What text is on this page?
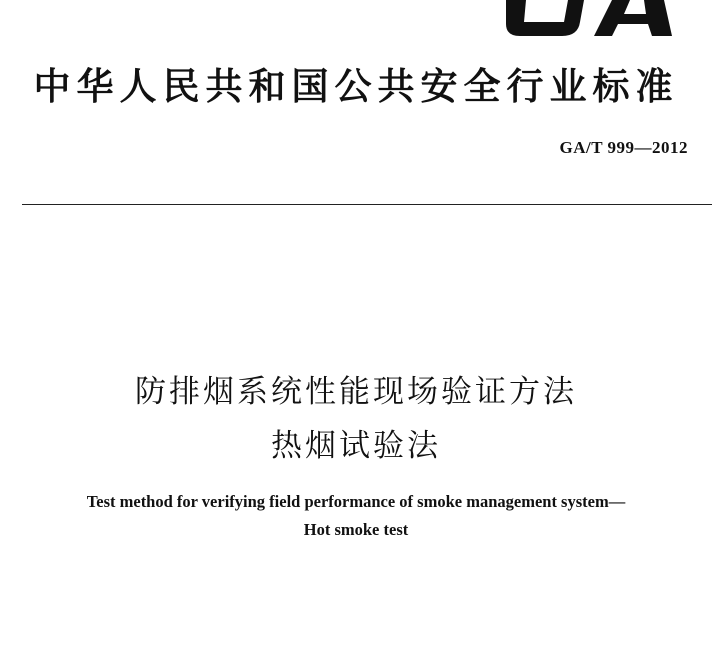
中华人民共和国公共安全行业标准
GA/T 999—2012
防排烟系统性能现场验证方法
热烟试验法
Test method for verifying field performance of smoke management system—
Hot smoke test
